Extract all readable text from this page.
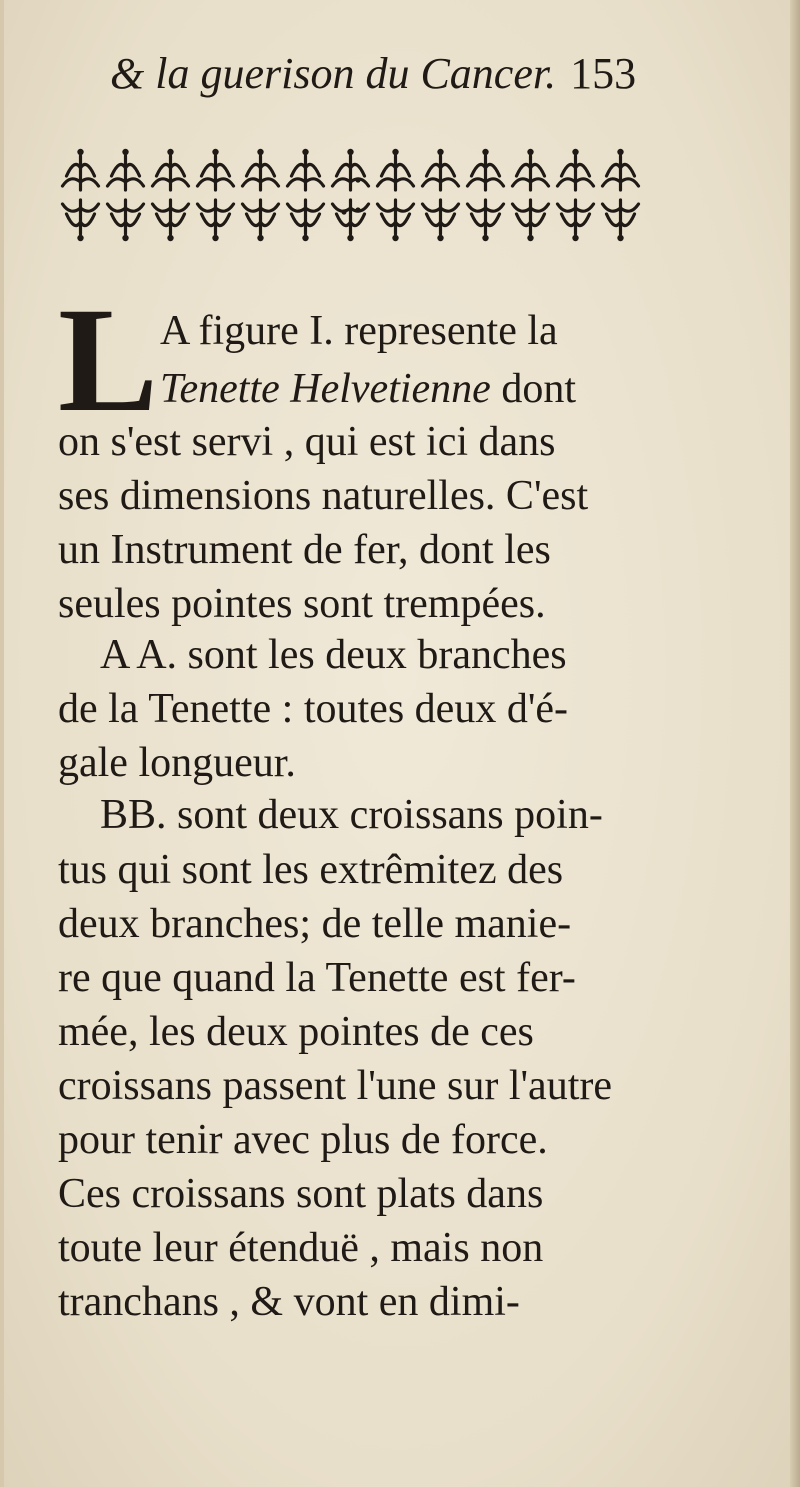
& la guerison du Cancer. 153
L A figure I. represente la
Tenette Helvetienne dont
on s'est servi , qui est ici dans
ses dimensions naturelles. C'est
un Instrument de fer, dont les
seules pointes sont trempées.
A A. sont les deux branches
de la Tenette : toutes deux d'é-
gale longueur.
BB. sont deux croissans poin-
tus qui sont les extrêmitez des
deux branches; de telle manie-
re que quand la Tenette est fer-
mée, les deux pointes de ces
croissans passent l'une sur l'autre
pour tenir avec plus de force.
Ces croissans sont plats dans
toute leur étenduë , mais non
tranchans , & vont en dimi-
